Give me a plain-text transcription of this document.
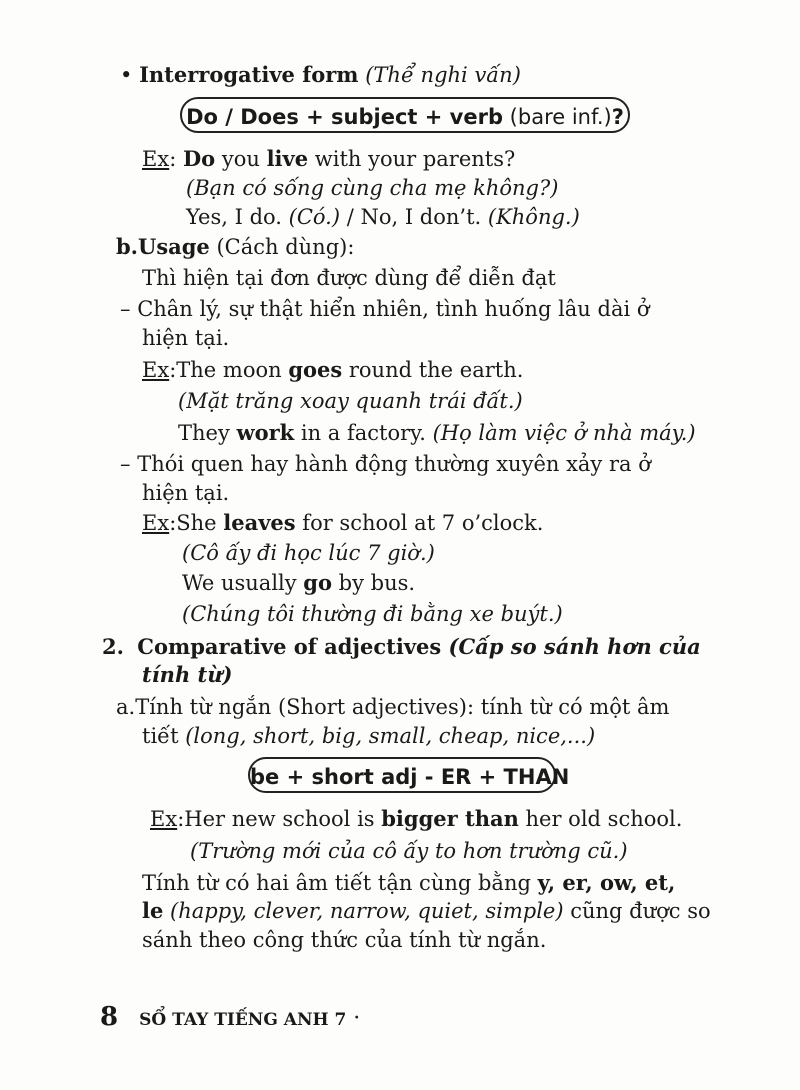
• Interrogative form (Thể nghi vấn)
Do / Does + subject + verb (bare inf.)?
Ex: Do you live with your parents?
(Bạn có sống cùng cha mẹ không?)
Yes, I do. (Có.) / No, I don’t. (Không.)
b.Usage (Cách dùng):
Thì hiện tại đơn được dùng để diễn đạt
– Chân lý, sự thật hiển nhiên, tình huống lâu dài ở
hiện tại.
Ex:The moon goes round the earth.
(Mặt trăng xoay quanh trái đất.)
They work in a factory. (Họ làm việc ở nhà máy.)
– Thói quen hay hành động thường xuyên xảy ra ở
hiện tại.
Ex:She leaves for school at 7 o’clock.
(Cô ấy đi học lúc 7 giờ.)
We usually go by bus.
(Chúng tôi thường đi bằng xe buýt.)
2. Comparative of adjectives (Cấp so sánh hơn của
tính từ)
a.Tính từ ngắn (Short adjectives): tính từ có một âm
tiết (long, short, big, small, cheap, nice,...)
be + short adj - ER + THAN
Ex:Her new school is bigger than her old school.
(Trường mới của cô ấy to hơn trường cũ.)
Tính từ có hai âm tiết tận cùng bằng y, er, ow, et,
le (happy, clever, narrow, quiet, simple) cũng được so
sánh theo công thức của tính từ ngắn.
8 SỔ TAY TIẾNG ANH 7 ·
